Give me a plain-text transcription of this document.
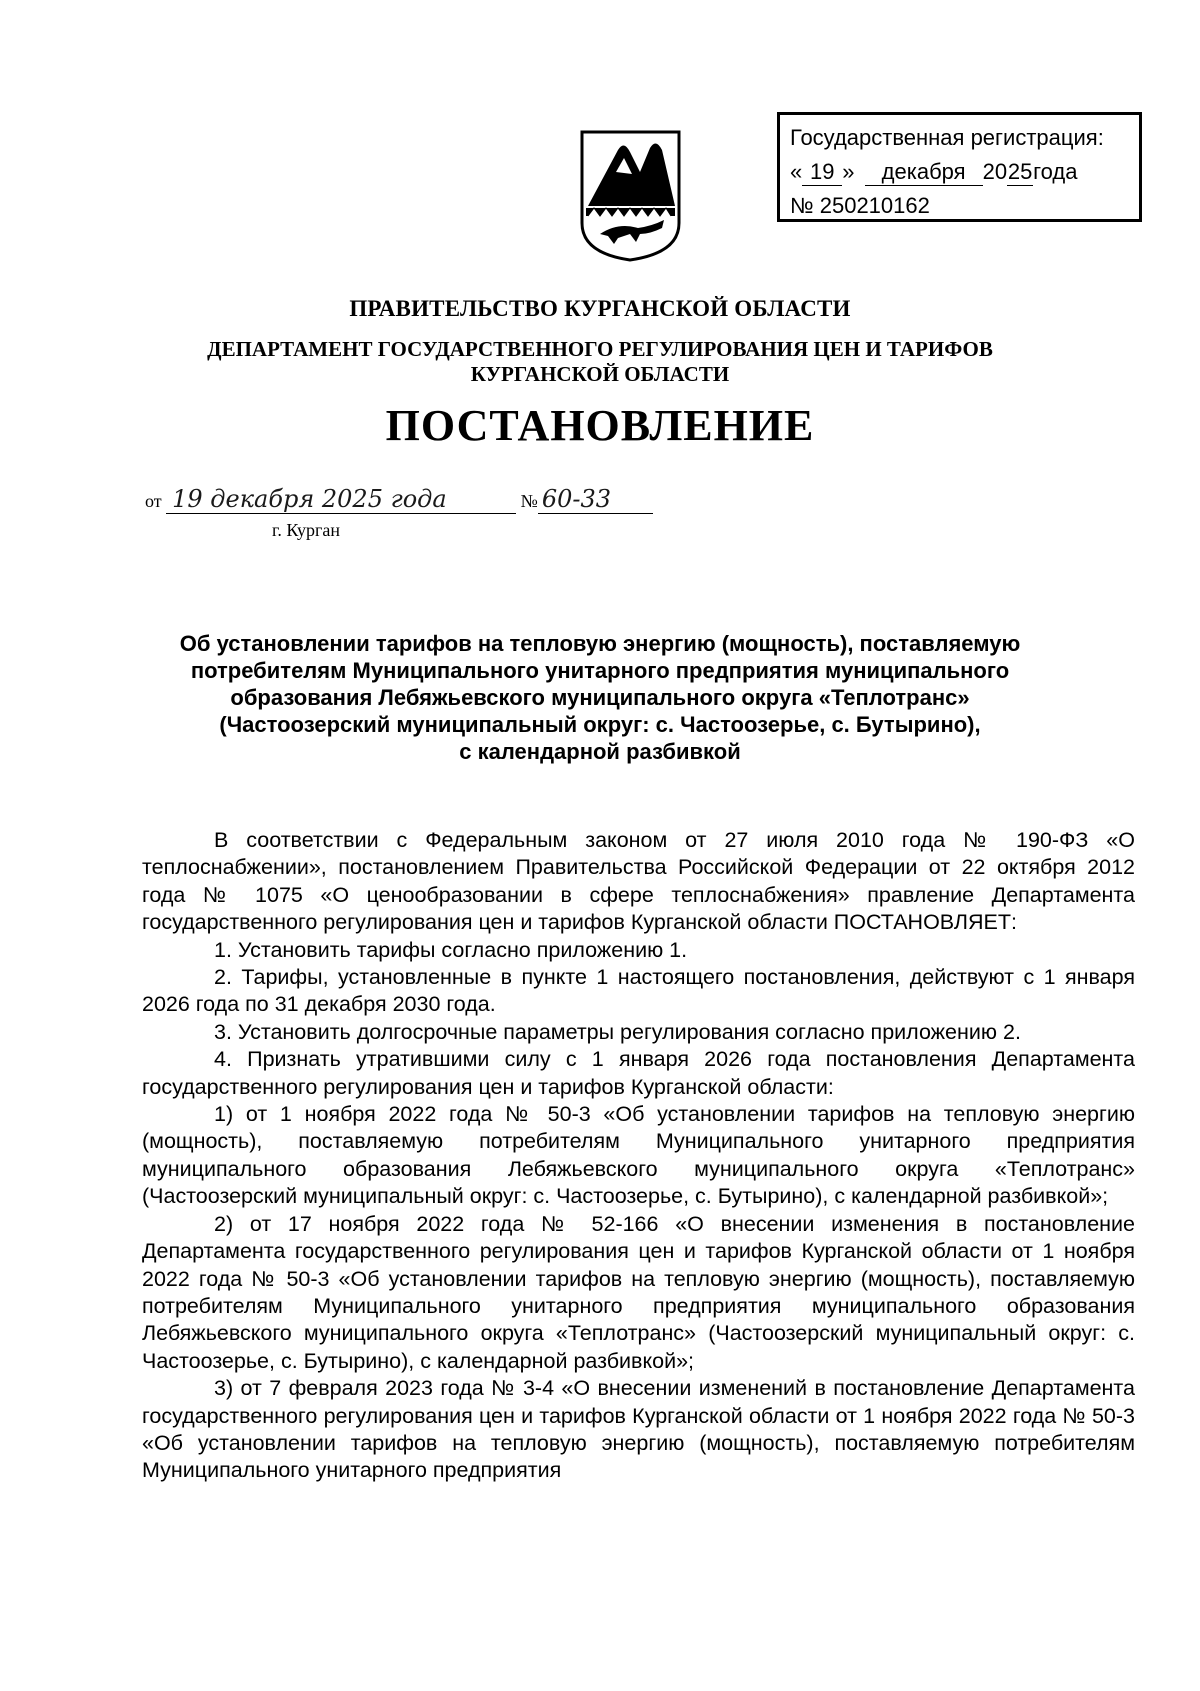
Государственная регистрация:
« 19 » декабря 2025года
№ 250210162
ПРАВИТЕЛЬСТВО КУРГАНСКОЙ ОБЛАСТИ
ДЕПАРТАМЕНТ ГОСУДАРСТВЕННОГО РЕГУЛИРОВАНИЯ ЦЕН И ТАРИФОВ
КУРГАНСКОЙ ОБЛАСТИ
ПОСТАНОВЛЕНИЕ
от 19 декабря 2025 года	№ 60-33
г. Курган
Об установлении тарифов на тепловую энергию (мощность), поставляемую
потребителям Муниципального унитарного предприятия муниципального
образования Лебяжьевского муниципального округа «Теплотранс»
(Частоозерский муниципальный округ: с. Частоозерье, с. Бутырино),
с календарной разбивкой

В соответствии с Федеральным законом от 27 июля 2010 года № 190-ФЗ «О теплоснабжении», постановлением Правительства Российской Федерации от 22 октября 2012 года № 1075 «О ценообразовании в сфере теплоснабжения» правление Департамента государственного регулирования цен и тарифов Курганской области ПОСТАНОВЛЯЕТ:

1. Установить тарифы согласно приложению 1.

2. Тарифы, установленные в пункте 1 настоящего постановления, действуют с 1 января 2026 года по 31 декабря 2030 года.

3. Установить долгосрочные параметры регулирования согласно приложению 2.

4. Признать утратившими силу с 1 января 2026 года постановления Департамента государственного регулирования цен и тарифов Курганской области:

1) от 1 ноября 2022 года № 50-3 «Об установлении тарифов на тепловую энергию (мощность), поставляемую потребителям Муниципального унитарного предприятия муниципального образования Лебяжьевского муниципального округа «Теплотранс» (Частоозерский муниципальный округ: с. Частоозерье, с. Бутырино), с календарной разбивкой»;

2) от 17 ноября 2022 года № 52-166 «О внесении изменения в постановление Департамента государственного регулирования цен и тарифов Курганской области от 1 ноября 2022 года № 50-3 «Об установлении тарифов на тепловую энергию (мощность), поставляемую потребителям Муниципального унитарного предприятия муниципального образования Лебяжьевского муниципального округа «Теплотранс» (Частоозерский муниципальный округ: с. Частоозерье, с. Бутырино), с календарной разбивкой»;

3) от 7 февраля 2023 года № 3-4 «О внесении изменений в постановление Департамента государственного регулирования цен и тарифов Курганской области от 1 ноября 2022 года № 50-3 «Об установлении тарифов на тепловую энергию (мощность), поставляемую потребителям Муниципального унитарного предприятия
